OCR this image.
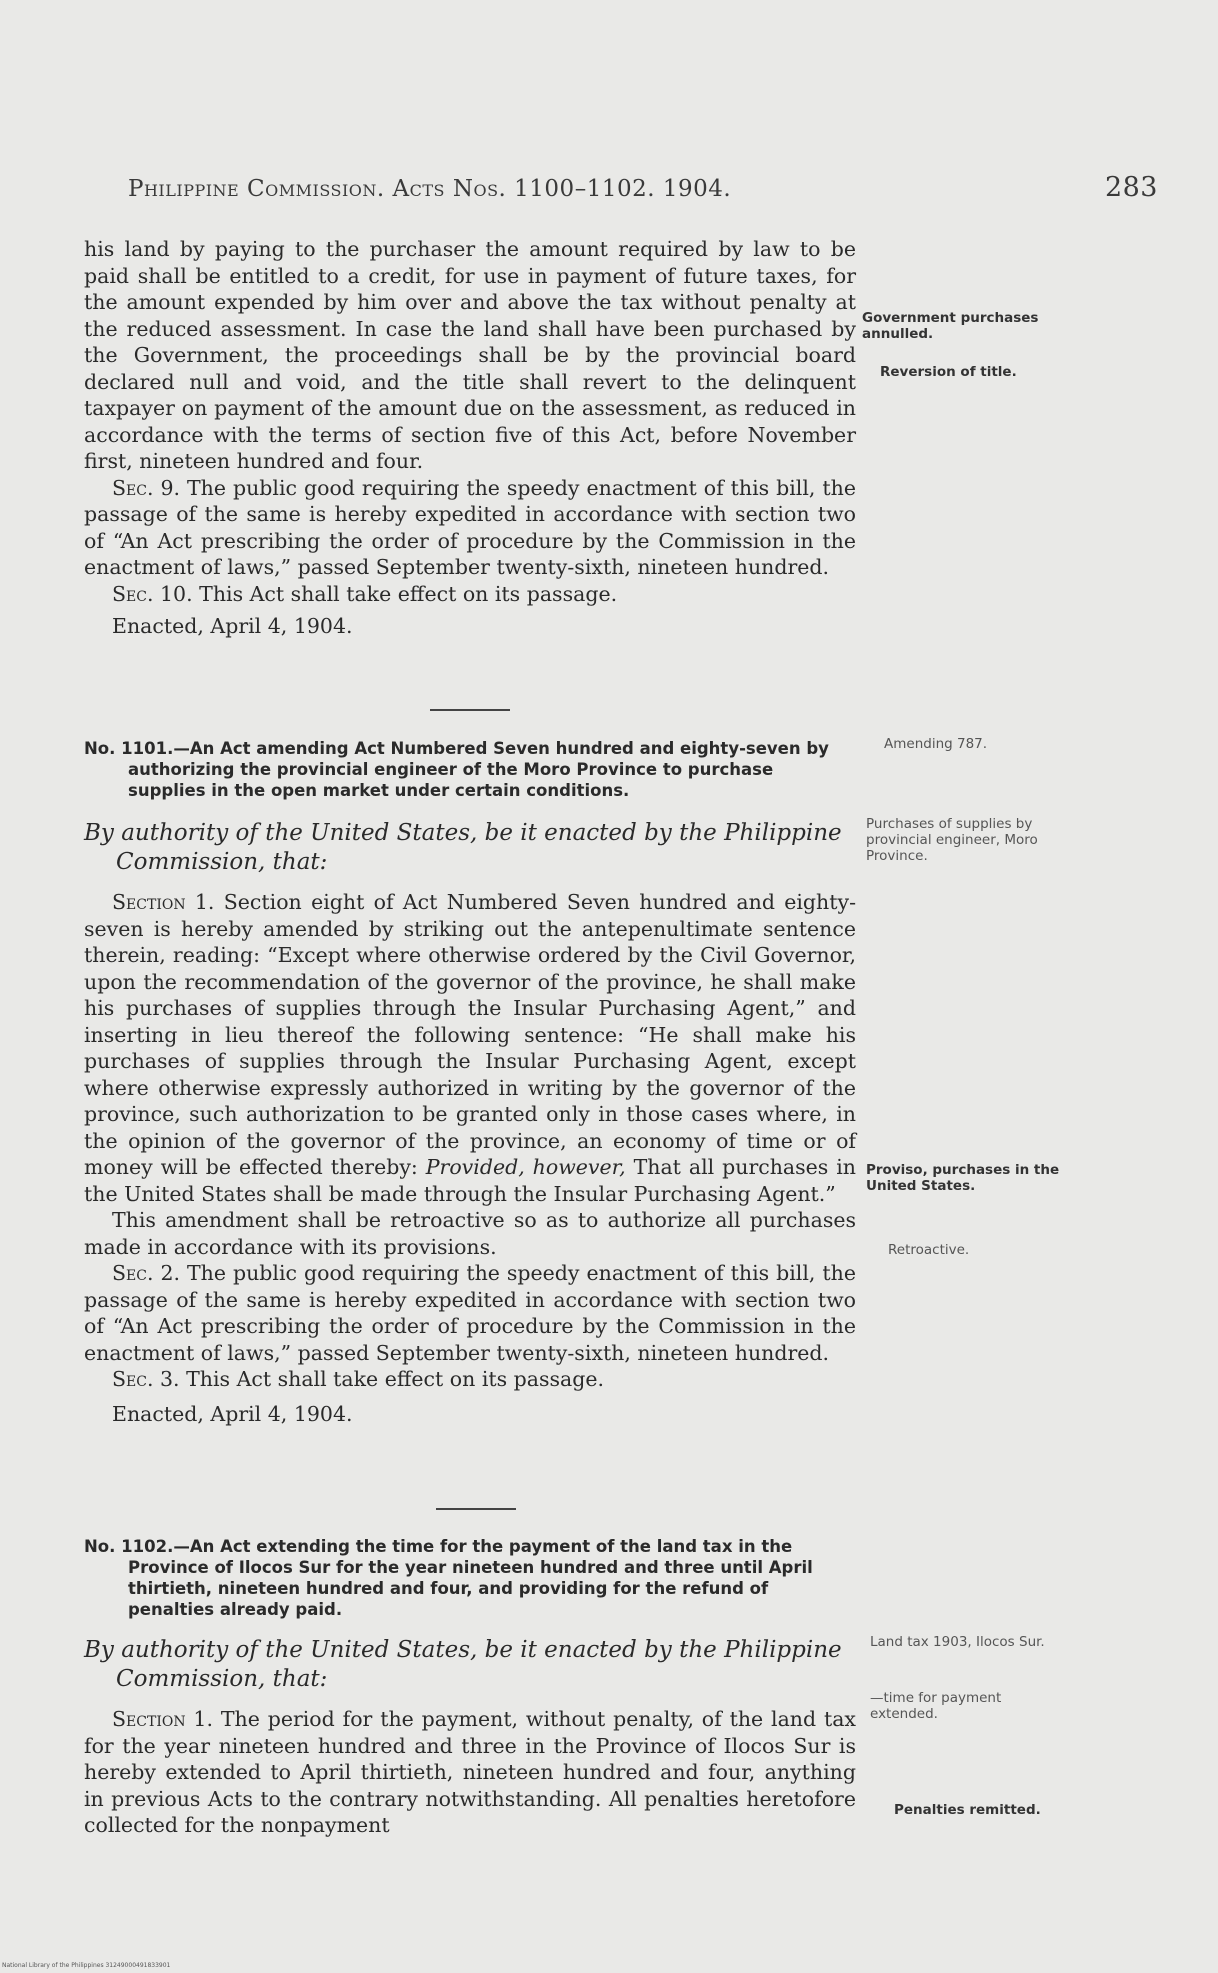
Philippine Commission. Acts Nos. 1100–1102. 1904.	283

his land by paying to the purchaser the amount required by law to be paid shall be entitled to a credit, for use in payment of future taxes, for the amount expended by him over and above the tax without penalty at the reduced assessment. In case the land shall have been purchased by the Government, the proceedings shall be by the provincial board declared null and void, and the title shall revert to the delinquent taxpayer on payment of the amount due on the assessment, as reduced in accordance with the terms of section five of this Act, before November first, nineteen hundred and four.

Sec. 9. The public good requiring the speedy enactment of this bill, the passage of the same is hereby expedited in accordance with section two of “An Act prescribing the order of procedure by the Commission in the enactment of laws,” passed September twenty-sixth, nineteen hundred.

Sec. 10. This Act shall take effect on its passage.

Enacted, April 4, 1904.

No. 1101.—An Act amending Act Numbered Seven hundred and eighty-seven by authorizing the provincial engineer of the Moro Province to purchase supplies in the open market under certain conditions.

By authority of the United States, be it enacted by the Philippine Commission, that:

Section 1. Section eight of Act Numbered Seven hundred and eighty-seven is hereby amended by striking out the antepenultimate sentence therein, reading: “Except where otherwise ordered by the Civil Governor, upon the recommendation of the governor of the province, he shall make his purchases of supplies through the Insular Purchasing Agent,” and inserting in lieu thereof the following sentence: “He shall make his purchases of supplies through the Insular Purchasing Agent, except where otherwise expressly authorized in writing by the governor of the province, such authorization to be granted only in those cases where, in the opinion of the governor of the province, an economy of time or of money will be effected thereby: Provided, however, That all purchases in the United States shall be made through the Insular Purchasing Agent.”

This amendment shall be retroactive so as to authorize all purchases made in accordance with its provisions.

Sec. 2. The public good requiring the speedy enactment of this bill, the passage of the same is hereby expedited in accordance with section two of “An Act prescribing the order of procedure by the Commission in the enactment of laws,” passed September twenty-sixth, nineteen hundred.

Sec. 3. This Act shall take effect on its passage.

Enacted, April 4, 1904.

No. 1102.—An Act extending the time for the payment of the land tax in the Province of Ilocos Sur for the year nineteen hundred and three until April thirtieth, nineteen hundred and four, and providing for the refund of penalties already paid.

By authority of the United States, be it enacted by the Philippine Commission, that:

Section 1. The period for the payment, without penalty, of the land tax for the year nineteen hundred and three in the Province of Ilocos Sur is hereby extended to April thirtieth, nineteen hundred and four, anything in previous Acts to the contrary notwithstanding. All penalties heretofore collected for the nonpayment

Government purchases annulled.
Reversion of title.
Amending 787.
Purchases of supplies by provincial engineer, Moro Province.
Proviso, purchases in the United States.
Retroactive.
Land tax 1903, Ilocos Sur.
—time for payment extended.
Penalties remitted.
National Library of the Philippines 31249000491833901
